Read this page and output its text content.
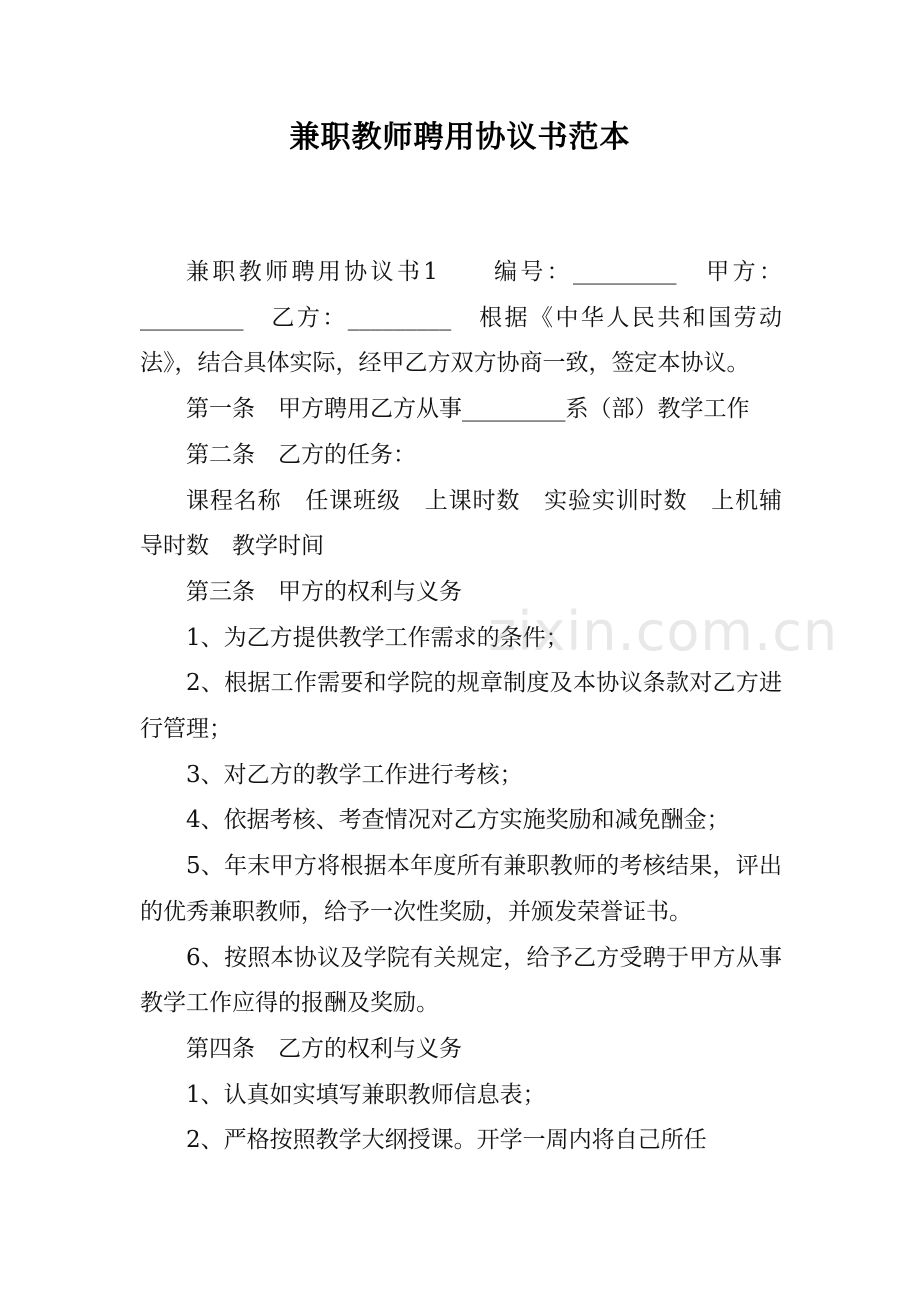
兼职教师聘用协议书范本

兼职教师聘用协议书1　　编号：_________　甲方：_________　乙方：_________　根据《中华人民共和国劳动法》，结合具体实际，经甲乙方双方协商一致，签定本协议。

第一条　甲方聘用乙方从事_________系（部）教学工作

第二条　乙方的任务：

课程名称　任课班级　上课时数　实验实训时数　上机辅导时数　教学时间

第三条　甲方的权利与义务

1、为乙方提供教学工作需求的条件；

2、根据工作需要和学院的规章制度及本协议条款对乙方进行管理；

3、对乙方的教学工作进行考核；

4、依据考核、考查情况对乙方实施奖励和减免酬金；

5、年末甲方将根据本年度所有兼职教师的考核结果，评出的优秀兼职教师，给予一次性奖励，并颁发荣誉证书。

6、按照本协议及学院有关规定，给予乙方受聘于甲方从事教学工作应得的报酬及奖励。

第四条　乙方的权利与义务

1、认真如实填写兼职教师信息表；

2、严格按照教学大纲授课。开学一周内将自己所任

zixin.com.cn
